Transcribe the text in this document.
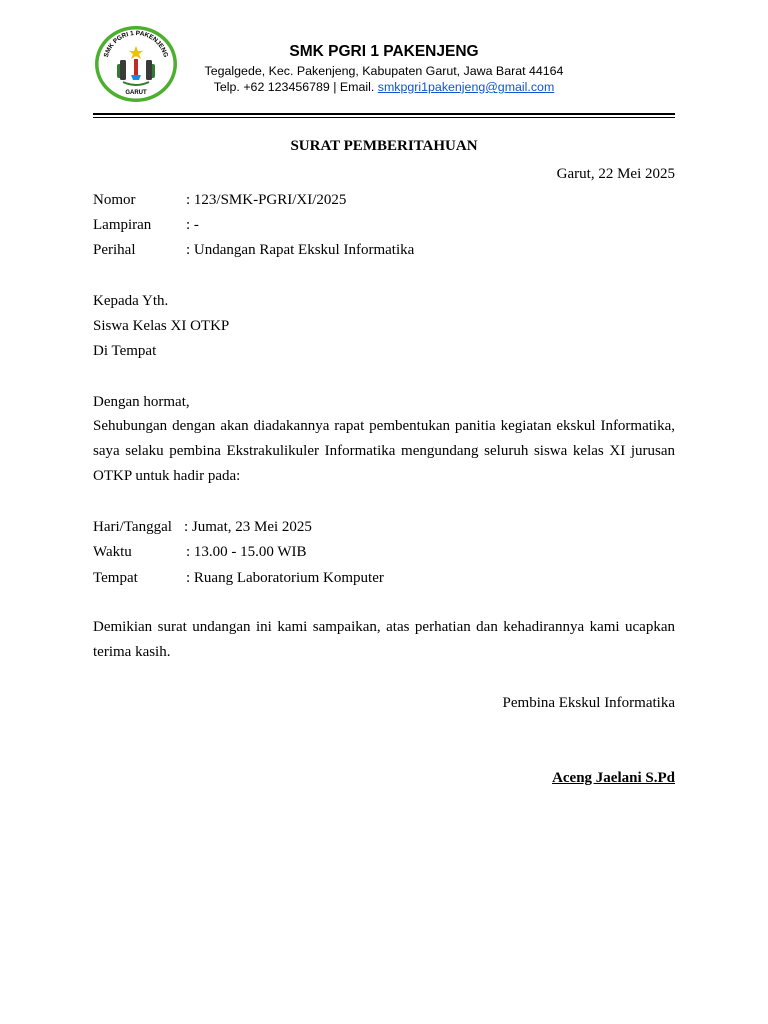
SMK PGRI 1 PAKENJENG
GARUT
SMK PGRI 1 PAKENJENG
Tegalgede, Kec. Pakenjeng, Kabupaten Garut, Jawa Barat 44164
Telp. +62 123456789 | Email. smkpgri1pakenjeng@gmail.com
SURAT PEMBERITAHUAN
Garut, 22 Mei 2025
Nomor	: 123/SMK-PGRI/XI/2025
Lampiran : -
Perihal	: Undangan Rapat Ekskul Informatika
Kepada Yth.
Siswa Kelas XI OTKP
Di Tempat
Dengan hormat,
Sehubungan dengan akan diadakannya rapat pembentukan panitia kegiatan ekskul Informatika, saya selaku pembina Ekstrakulikuler Informatika mengundang seluruh siswa kelas XI jurusan OTKP untuk hadir pada:
Hari/Tanggal : Jumat, 23 Mei 2025
Waktu	: 13.00 - 15.00 WIB
Tempat	: Ruang Laboratorium Komputer
Demikian surat undangan ini kami sampaikan, atas perhatian dan kehadirannya kami ucapkan terima kasih.
Pembina Ekskul Informatika
Aceng Jaelani S.Pd
